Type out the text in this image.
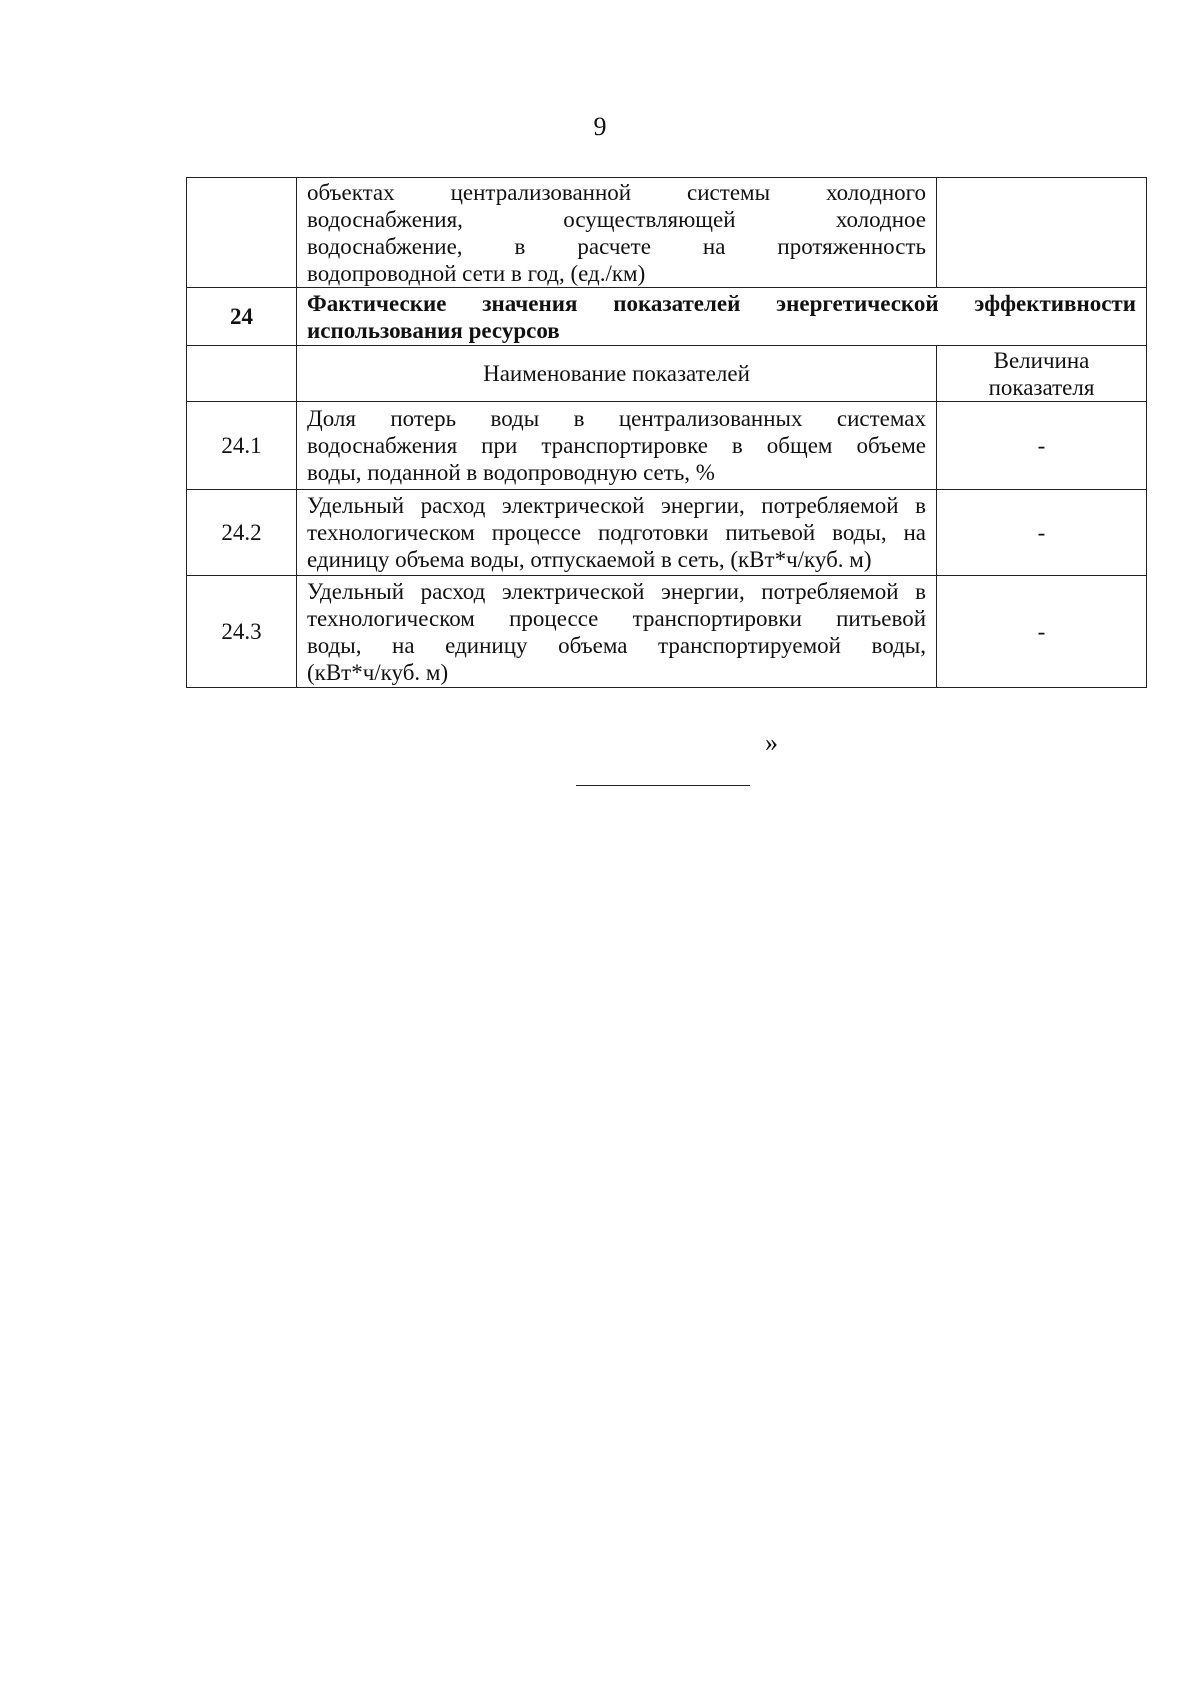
9

	объектах централизованной системы холодного
водоснабжения, осуществляющей холодное
водоснабжение, в расчете на протяженность
водопроводной сети в год, (ед./км)	

24	Фактические значения показателей энергетической эффективности
использования ресурсов	

	Наименование показателей	Величина
показателя

24.1	Доля потерь воды в централизованных системах
водоснабжения при транспортировке в общем объеме
воды, поданной в водопроводную сеть, %	-
24.2	Удельный расход электрической энергии, потребляемой в
технологическом процессе подготовки питьевой воды, на
единицу объема воды, отпускаемой в сеть, (кВт*ч/куб. м)	-
24.3	Удельный расход электрической энергии, потребляемой в
технологическом процессе транспортировки питьевой
воды, на единицу объема транспортируемой воды,
(кВт*ч/куб. м)	-
»
